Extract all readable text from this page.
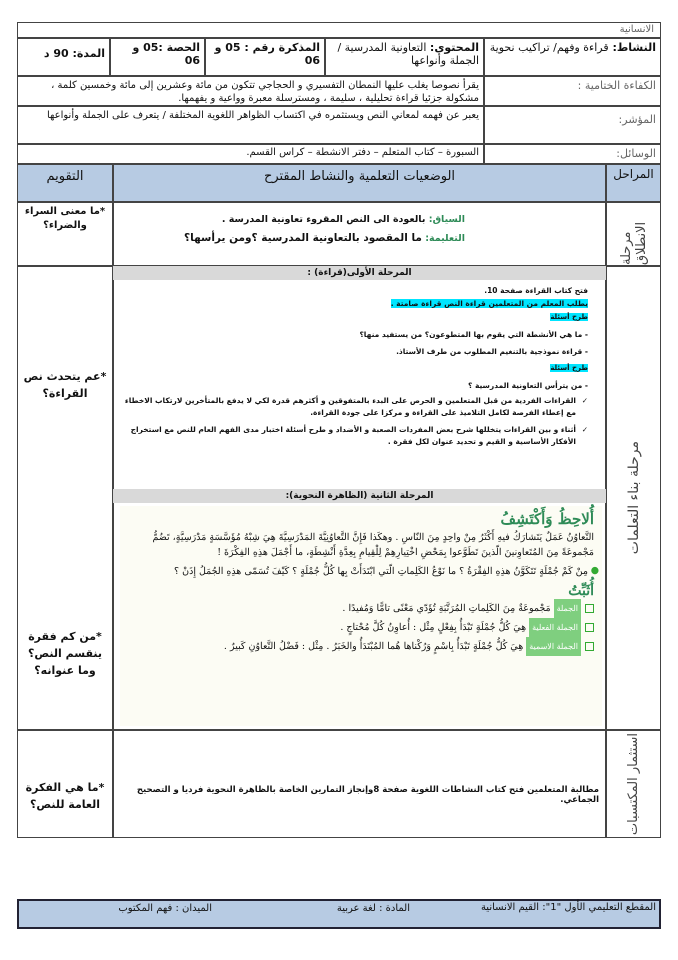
الانسانية
النشاط: قراءة وفهم/ تراكيب نحوية
المحتوى: التعاونية المدرسية / الجملة وأنواعها
المذكرة رقم : 05 و
06
الحصة :05 و
06
المدة: 90 د
الكفاءة الختامية :
يقرأ نصوصا يغلب عليها النمطان التفسيري و الحجاجي تتكون من مائة وعشرين إلى مائة وخمسين كلمة ، مشكولة جزئيا قراءة تحليلية ، سليمة ، ومسترسلة معبرة وواعية و يفهمها.
المؤشر:
يعبر عن فهمه لمعاني النص ويستثمره في اكتساب الظواهر اللغوية المختلفة / يتعرف على الجملة وأنواعها
الوسائل:
السبورة – كتاب المتعلم – دفتر الانشطة – كراس القسم.
المراحل
الوضعيات التعلمية والنشاط المقترح
التقويم
مرحلة الانطلاق
السياق: بالعودة الى النص المقروء تعاونية المدرسة .
التعليمة: ما المقصود بالتعاونية المدرسية ؟ومن يرأسها؟
*ما معنى السراء والضراء؟
مرحلة بناء التعلمات
المرحلة الأولى(قراءة) :
فتح كتاب القراءة صفحة 10.
يطلب المعلم من المتعلمين قراءة النص قراءة صامتة .
طرح أسئلة
- ما هي الأنشطة التي يقوم بها المتطوعون؟ من يستفيد منها؟
- قراءة نموذجية بالتنغيم المطلوب من طرف الأستاذ.
طرح أسئلة
- من يترأس التعاونية المدرسية ؟
✓
القراءات الفردية من قبل المتعلمين و الحرص على البدء بالمتفوقين و أكثرهم قدرة لكي لا يدفع بالمتأخرين لارتكاب الاخطاء مع إعطاء الفرصة لكامل التلاميذ على القراءة و مركزا على جودة القراءة.
✓
أثناء و بين القراءات يتخللها شرح بعض المفردات الصعبة و الأضداد و طرح أسئلة اختبار مدى الفهم العام للنص مع استخراج الأفكار الأساسية و القيم و تحديد عنوان لكل فقرة .
المرحلة الثانية (الظاهرة النحوية):
أُلاحِظُ وَأَكْتَشِفُ
التَّعاوُنُ عَمَلٌ يَتَشارَكُ فيهِ أَكْثَرُ مِنْ واحِدٍ مِنَ النّاسِ . وهكَذا فَإِنَّ التَّعاوُنِيَّةَ المَدْرَسِيَّةَ هِيَ شِبْهُ مُؤَسَّسَةٍ مَدْرَسِيَّةٍ، تَضُمُّ مَجْموعَةً مِنَ المُتَعاوِنينَ الّذينَ تَطَوَّعوا بِمَحْضِ اخْتِيارِهِمْ لِلْقِيامِ بِعِدَّةِ أَنْشِطَةٍ، ما أَجْمَلَ هذِهِ الفِكْرَةَ !
●
مِنْ كَمْ جُمْلَةٍ تَتَكَوَّنُ هذِهِ الفِقْرَةُ ؟ ما نَوْعُ الكَلِماتِ الّتي ابْتَدَأَتْ بِها كُلُّ جُمْلَةٍ ؟ كَيْفَ تُسَمّى هذِهِ الجُمَلُ إِذَنْ ؟
أُثَبِّتُ
الجملةمَجْموعَةٌ مِنَ الكَلِماتِ المُرَتَّبَةِ تُؤَدّي مَعْنًى تامًّا وَمُفيدًا .
الجملة الفعليةهِيَ كُلُّ جُمْلَةٍ تَبْدَأُ بِفِعْلٍ مِثْل : أُعاوِنُ كُلَّ مُحْتاجٍ .
الجملة الاسميةهِيَ كُلُّ جُمْلَةٍ تَبْدَأُ بِاسْمٍ وَرُكْناها هُما المُبْتَدَأُ والخَبَرُ . مِثْل : فَضْلُ التَّعاوُنِ كَبيرٌ .
*عم يتحدث نص القراءة؟
*من كم فقرة ينقسم النص؟ وما عنوانه؟
استثمار المكتسبات
مطالبة المتعلمين فتح كتاب النشاطات اللغوية صفحة 8وإنجاز التمارين الخاصة بالظاهرة النحوية فرديا و التصحيح الجماعي.
*ما هي الفكرة العامة للنص؟
المقطع التعليمي الأول "1": القيم الانسانية
المادة : لغة عربية
الميدان : فهم المكتوب
